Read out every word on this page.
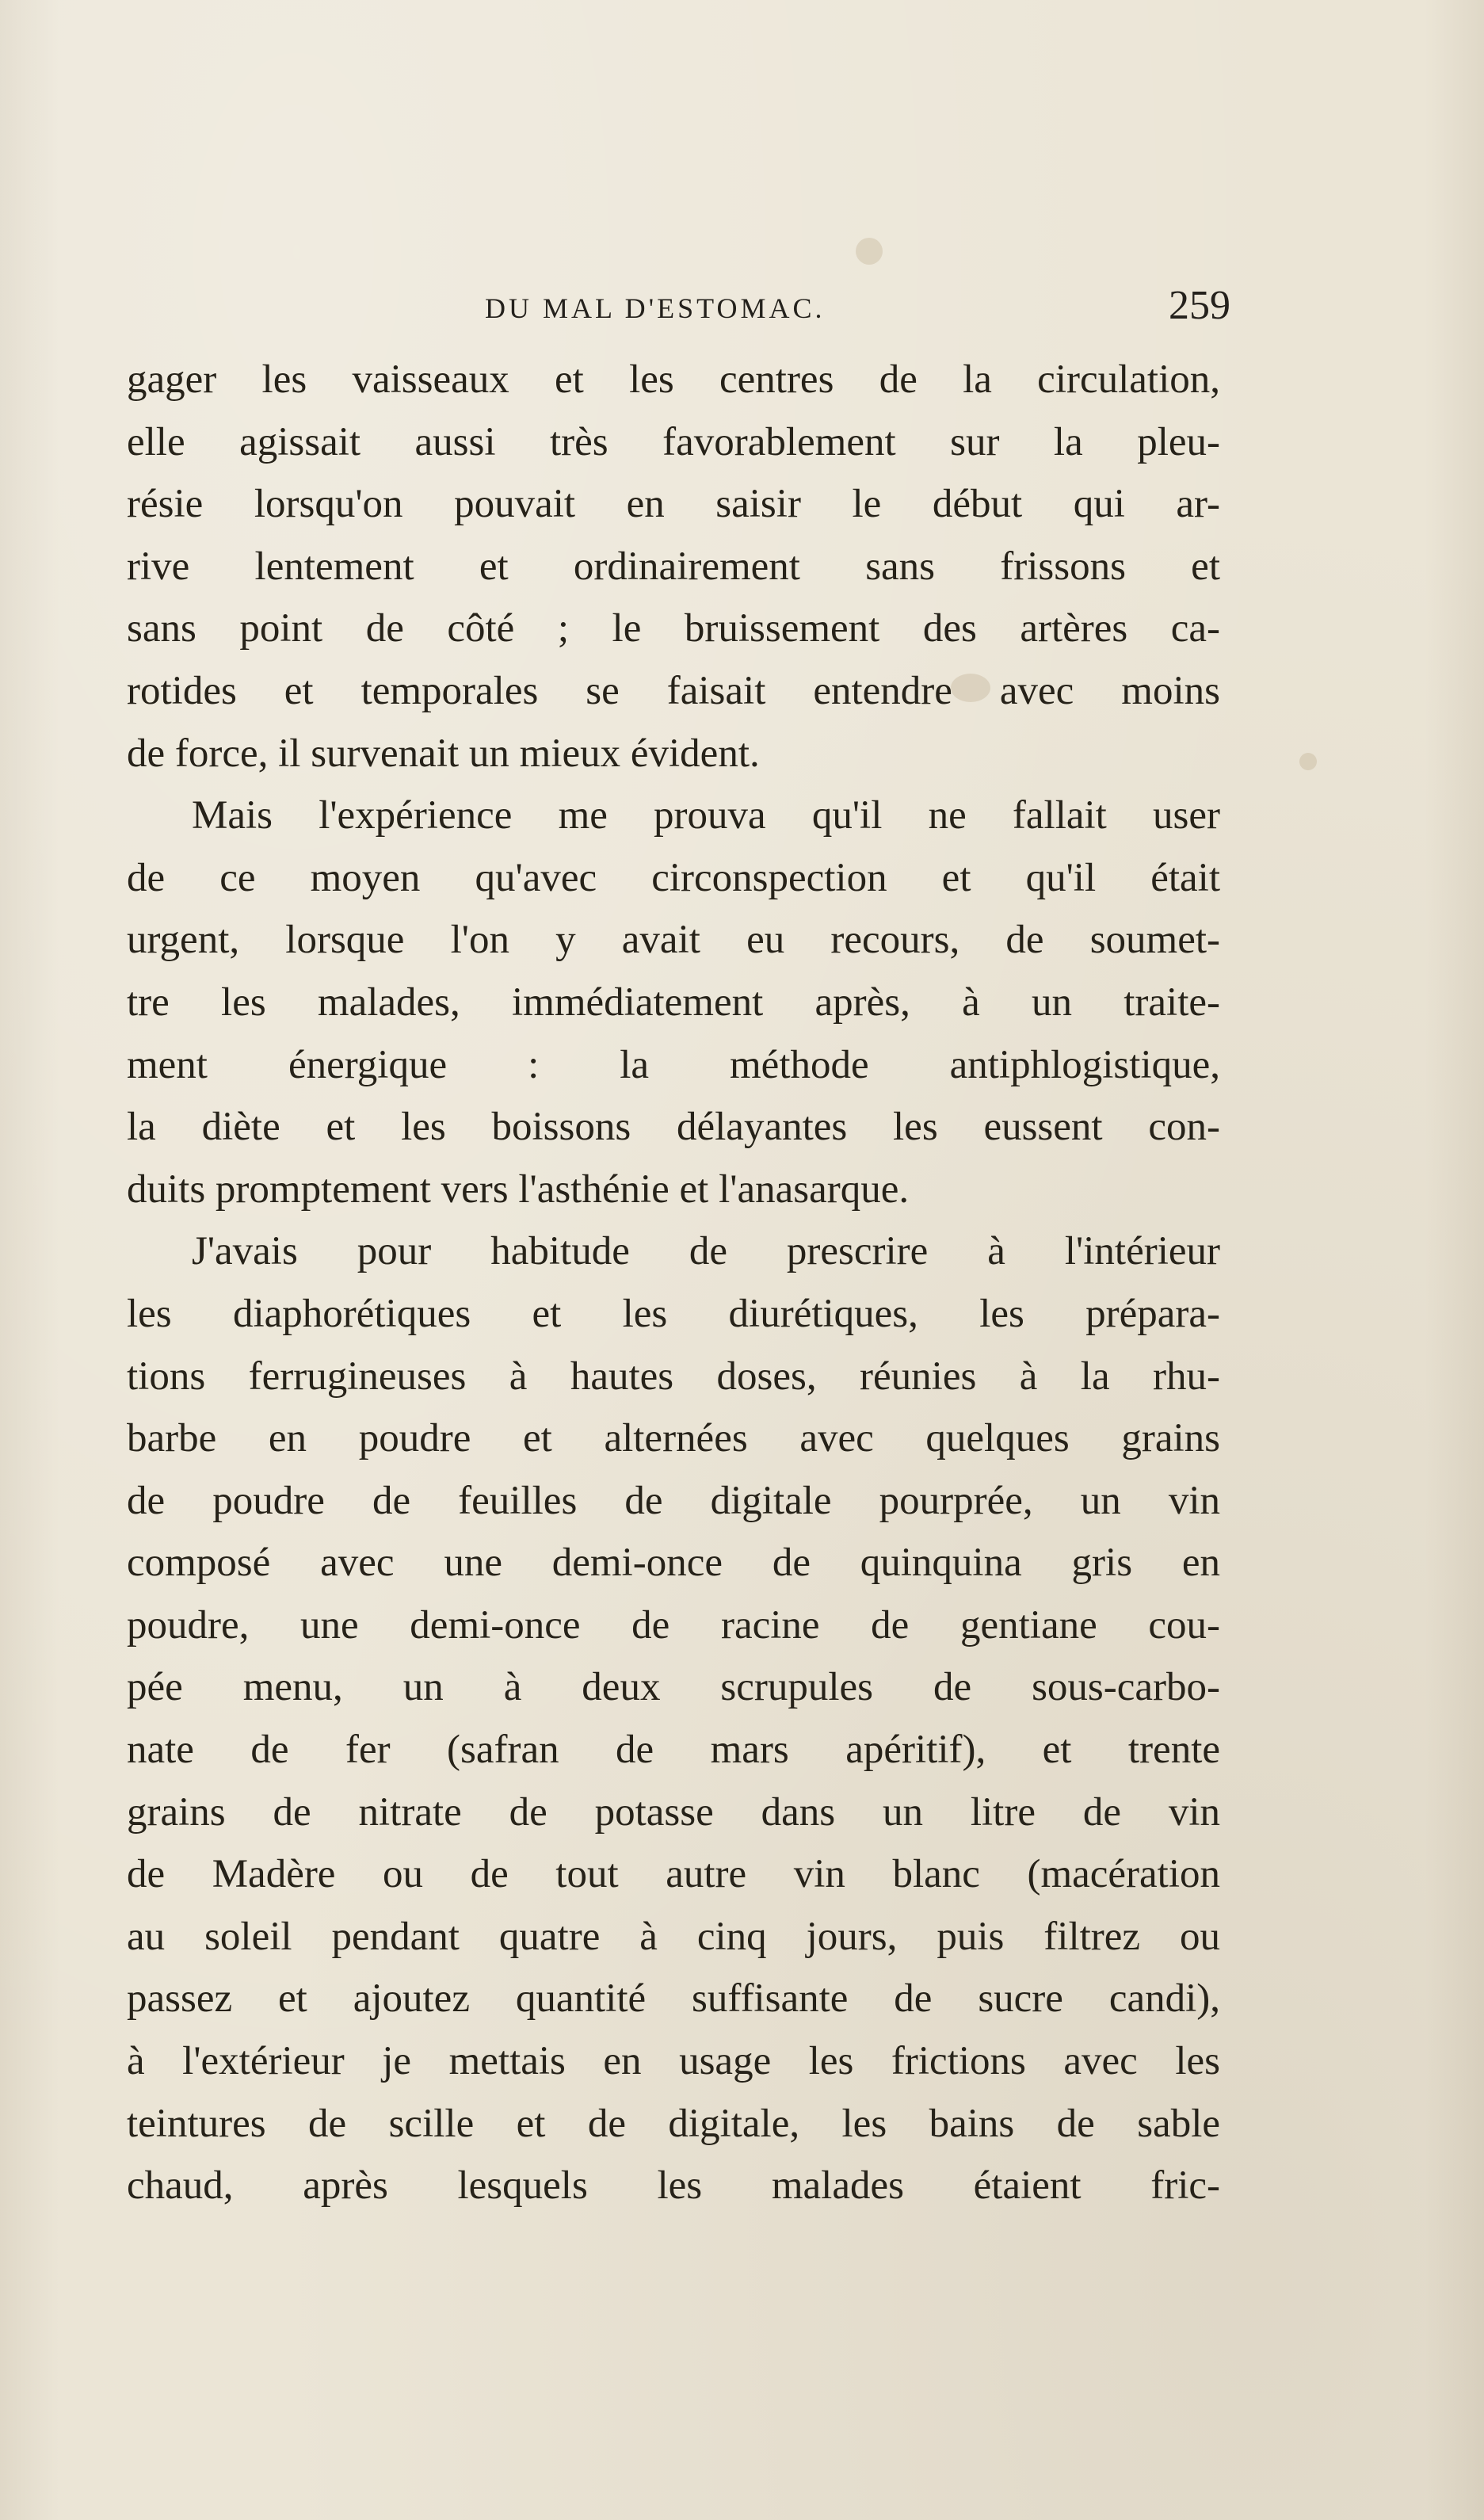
DU MAL D'ESTOMAC.	259

gager les vaisseaux et les centres de la circulation,
elle agissait aussi très favorablement sur la pleu-
résie lorsqu'on pouvait en saisir le début qui ar-
rive lentement et ordinairement sans frissons et
sans point de côté ; le bruissement des artères ca-
rotides et temporales se faisait entendre avec moins
de force, il survenait un mieux évident.

Mais l'expérience me prouva qu'il ne fallait user
de ce moyen qu'avec circonspection et qu'il était
urgent, lorsque l'on y avait eu recours, de soumet-
tre les malades, immédiatement après, à un traite-
ment énergique : la méthode antiphlogistique,
la diète et les boissons délayantes les eussent con-
duits promptement vers l'asthénie et l'anasarque.

J'avais pour habitude de prescrire à l'intérieur
les diaphorétiques et les diurétiques, les prépara-
tions ferrugineuses à hautes doses, réunies à la rhu-
barbe en poudre et alternées avec quelques grains
de poudre de feuilles de digitale pourprée, un vin
composé avec une demi-once de quinquina gris en
poudre, une demi-once de racine de gentiane cou-
pée menu, un à deux scrupules de sous-carbo-
nate de fer (safran de mars apéritif), et trente
grains de nitrate de potasse dans un litre de vin
de Madère ou de tout autre vin blanc (macération
au soleil pendant quatre à cinq jours, puis filtrez ou
passez et ajoutez quantité suffisante de sucre candi),
à l'extérieur je mettais en usage les frictions avec les
teintures de scille et de digitale, les bains de sable
chaud, après lesquels les malades étaient fric-
